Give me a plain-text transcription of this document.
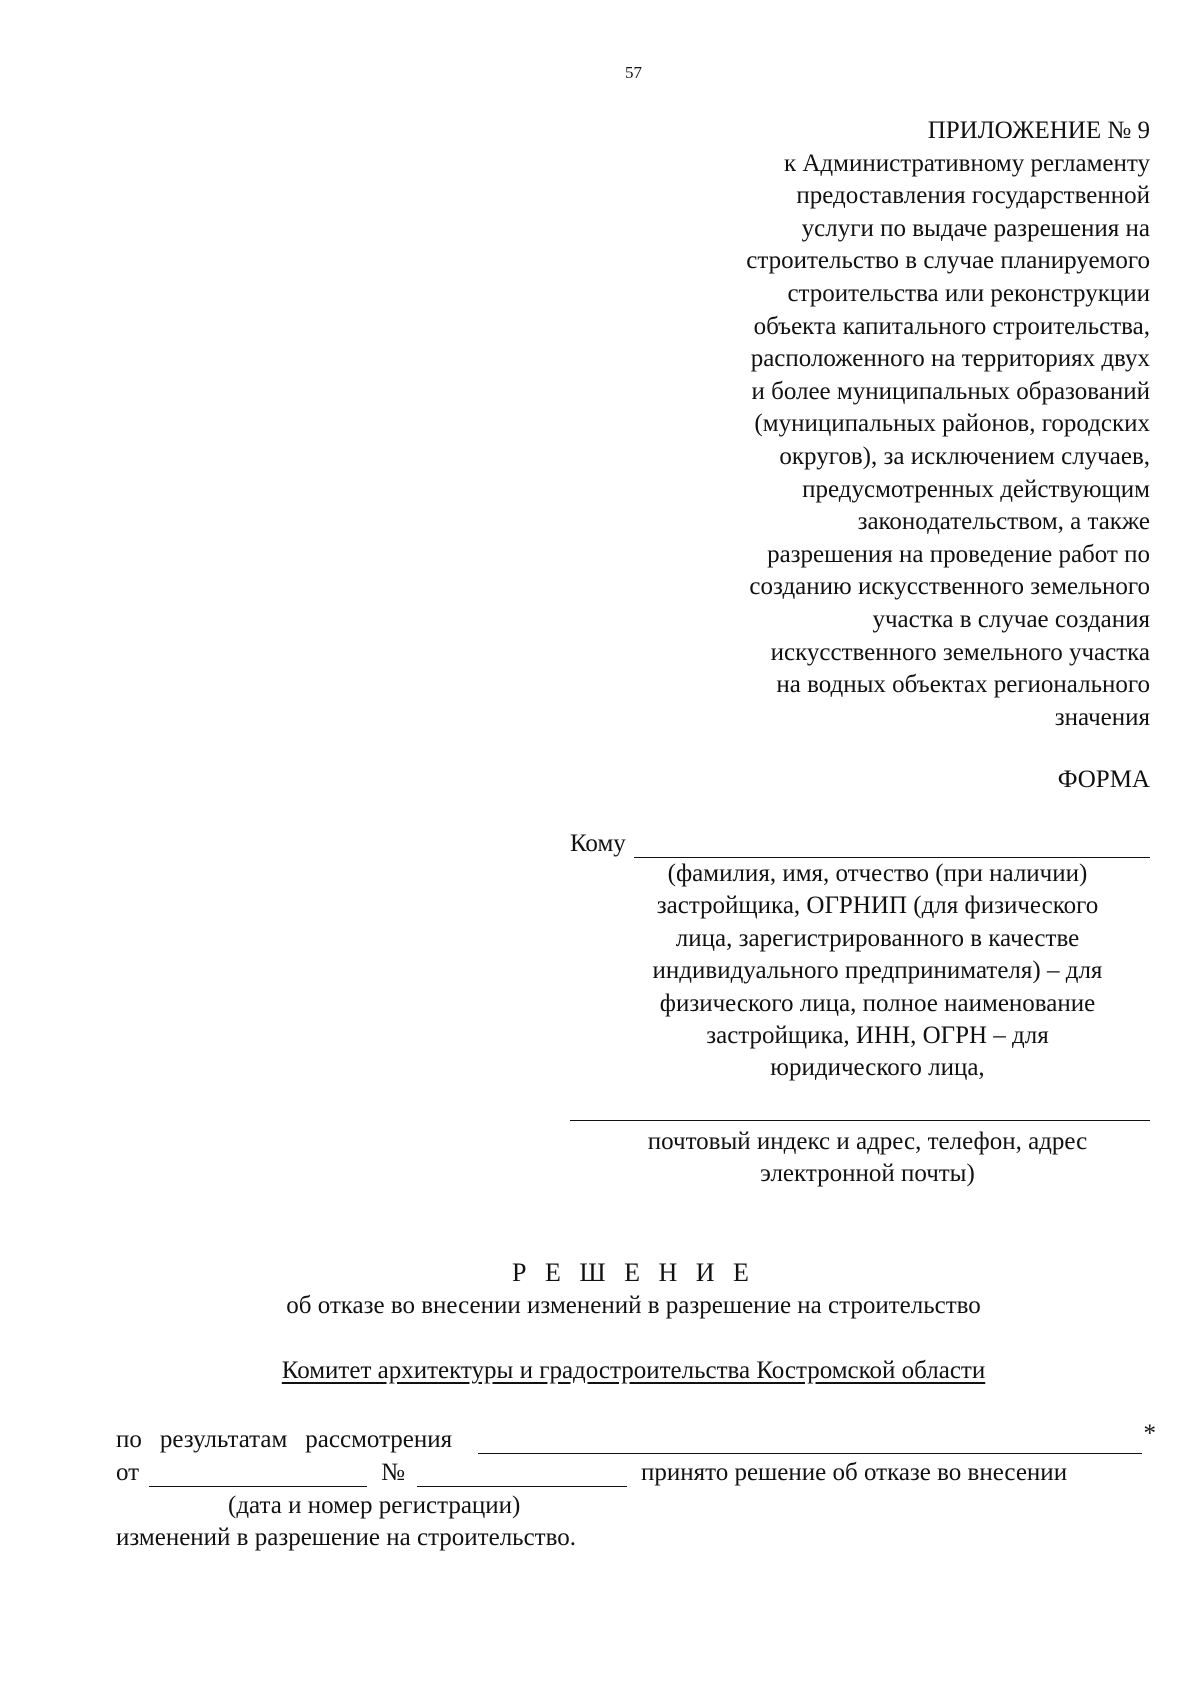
57
ПРИЛОЖЕНИЕ № 9
к Административному регламенту
предоставления государственной
услуги по выдаче разрешения на
строительство в случае планируемого
строительства или реконструкции
объекта капитального строительства,
расположенного на территориях двух
и более муниципальных образований
(муниципальных районов, городских
округов), за исключением случаев,
предусмотренных действующим
законодательством, а также
разрешения на проведение работ по
созданию искусственного земельного
участка в случае создания
искусственного земельного участка
на водных объектах регионального
значения
ФОРМА
Кому
(фамилия, имя, отчество (при наличии)
застройщика, ОГРНИП (для физического
лица, зарегистрированного в качестве
индивидуального предпринимателя) – для
физического лица, полное наименование
застройщика, ИНН, ОГРН – для
юридического лица,
почтовый индекс и адрес, телефон, адрес
электронной почты)
Р Е Ш Е Н И Е
об отказе во внесении изменений в разрешение на строительство
Комитет архитектуры и градостроительства Костромской области
по результатам рассмотрения	*
от	№	принято решение об отказе во внесении
(дата и номер регистрации)
изменений в разрешение на строительство.
